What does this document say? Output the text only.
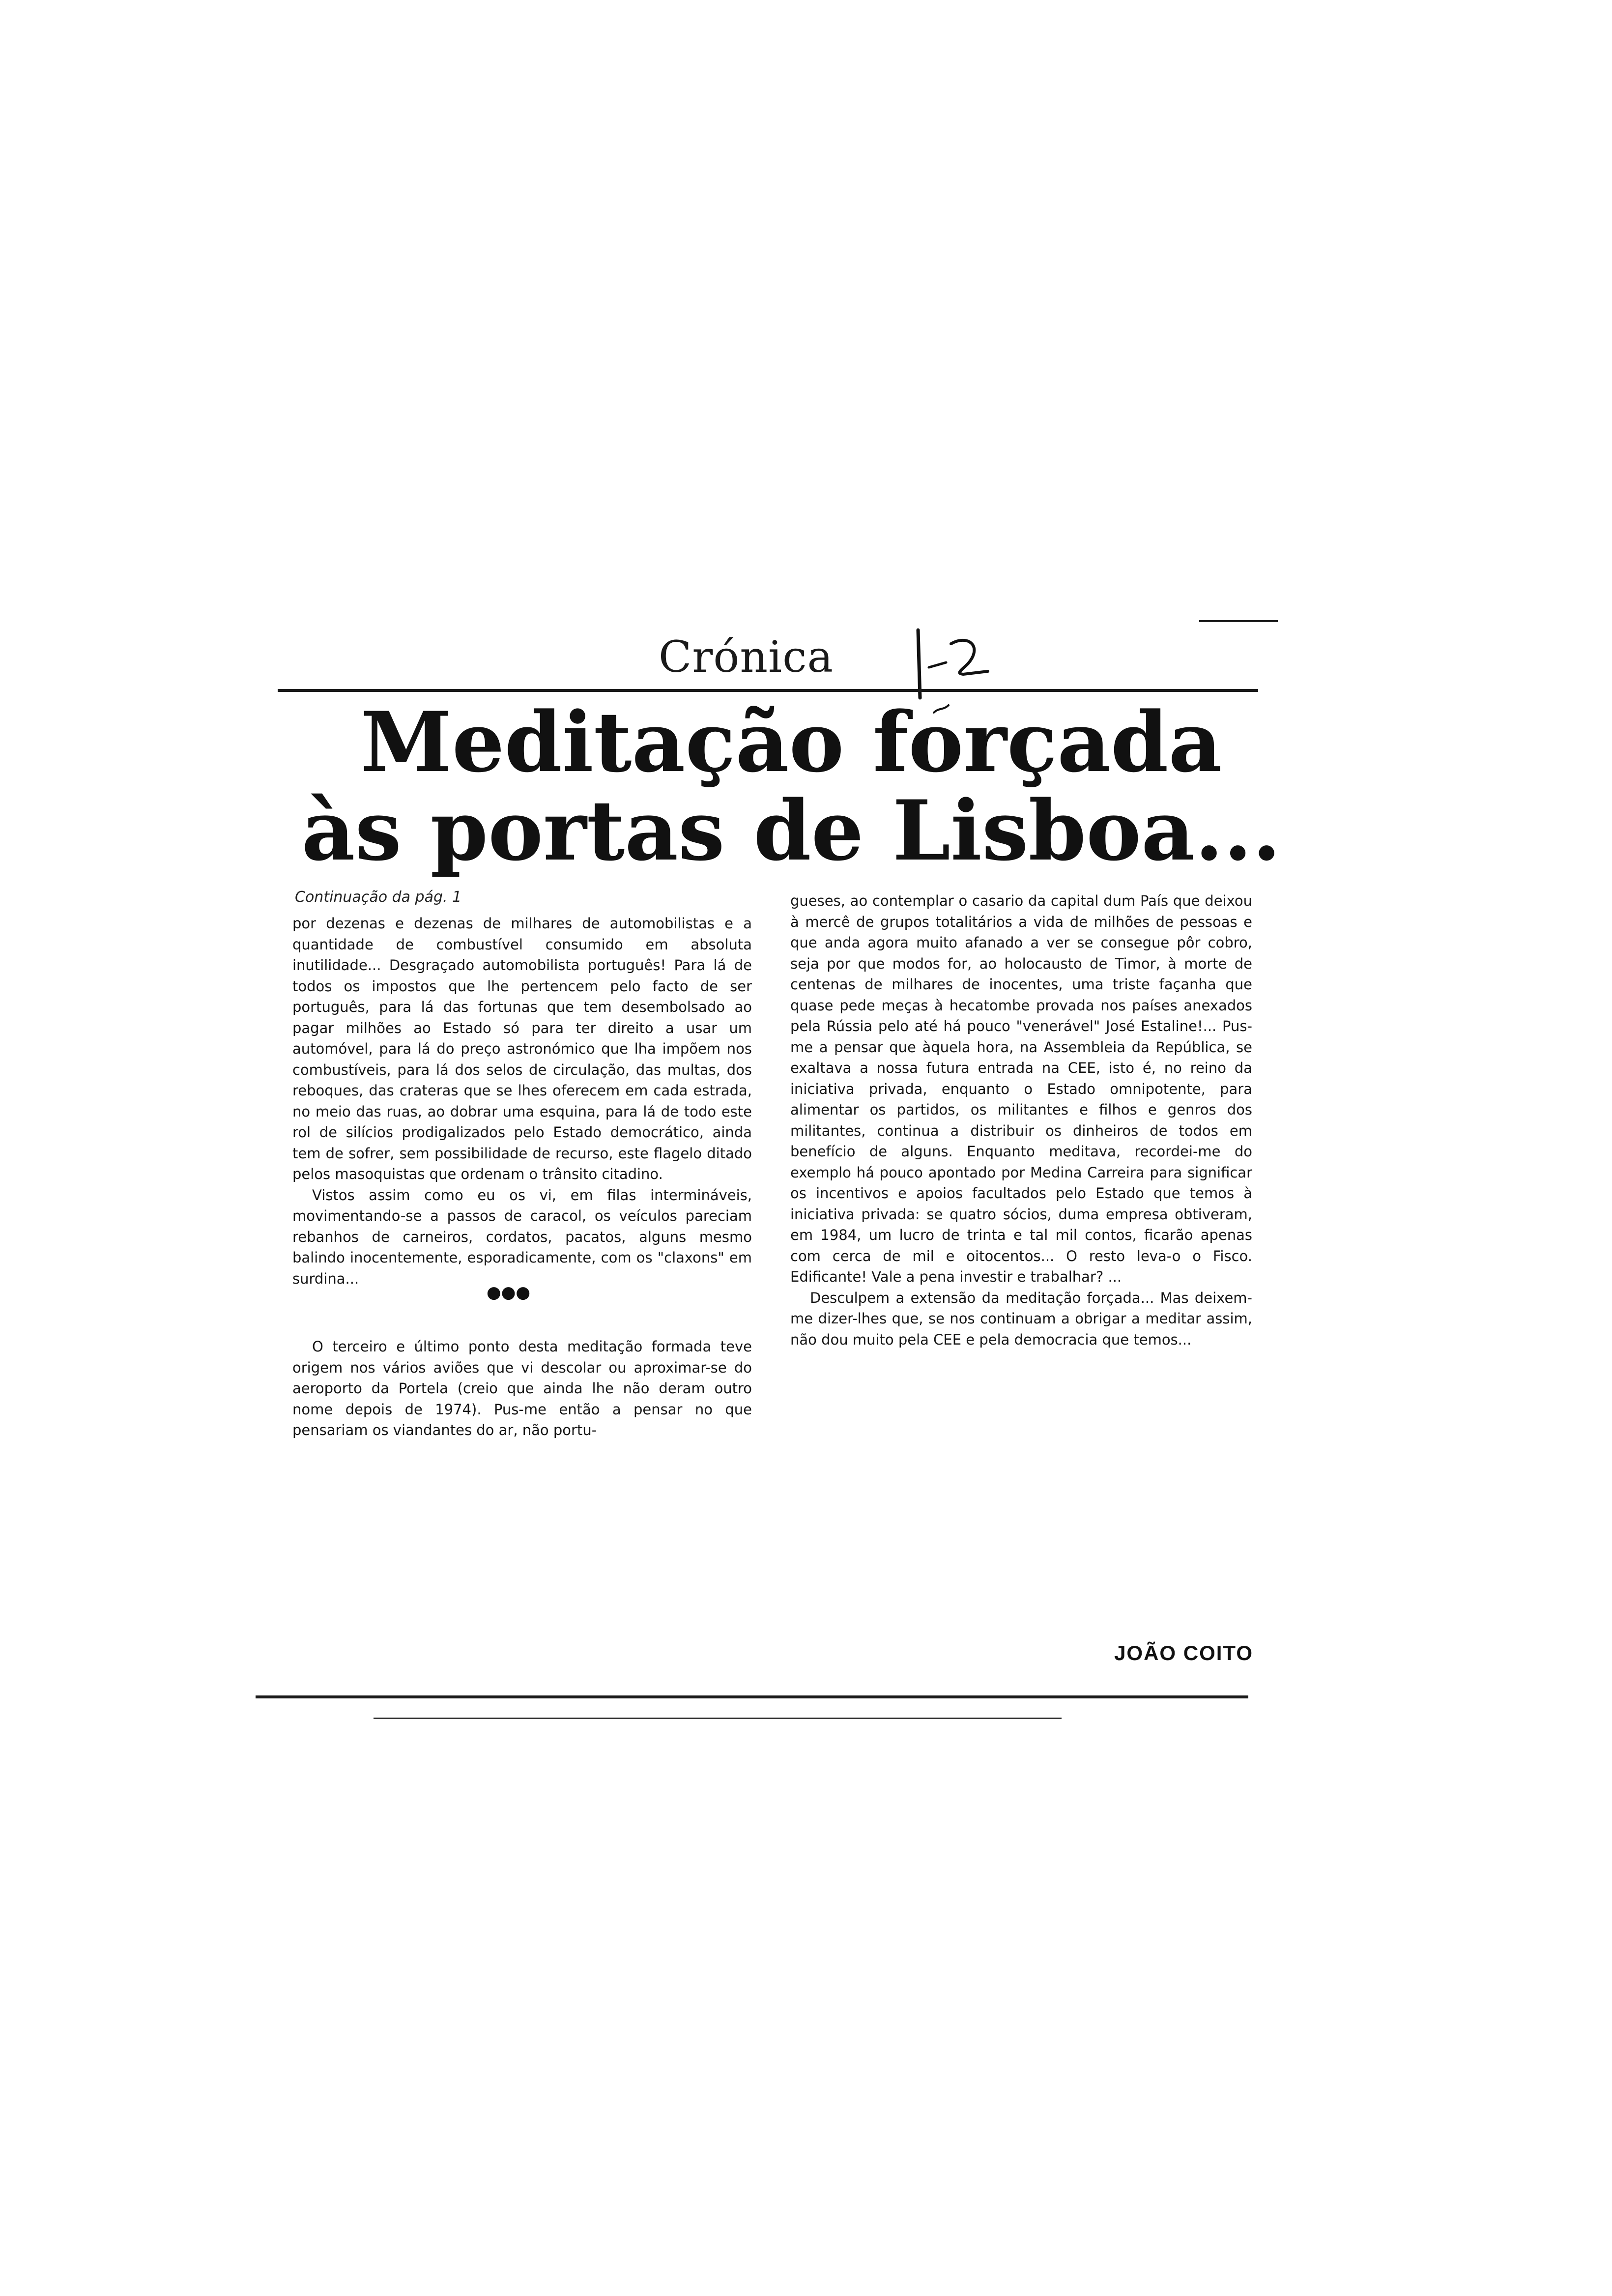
Crónica
Meditação forçada
às portas de Lisboa...
Continuação da pág. 1

por dezenas e dezenas de milhares de automobilistas e a quantidade de combustível consumido em absoluta inutilidade... Desgraçado automobilista português! Para lá de todos os impostos que lhe pertencem pelo facto de ser português, para lá das fortunas que tem desembolsado ao pagar milhões ao Estado só para ter direito a usar um automóvel, para lá do preço astronómico que lha impõem nos combustíveis, para lá dos selos de circulação, das multas, dos reboques, das crateras que se lhes oferecem em cada estrada, no meio das ruas, ao dobrar uma esquina, para lá de todo este rol de silícios prodigalizados pelo Estado democrático, ainda tem de sofrer, sem possibilidade de recurso, este flagelo ditado pelos masoquistas que ordenam o trânsito citadino.

Vistos assim como eu os vi, em filas intermináveis, movimentando-se a passos de caracol, os veículos pareciam rebanhos de carneiros, cordatos, pacatos, alguns mesmo balindo inocentemente, esporadicamente, com os "claxons" em surdina...

O terceiro e último ponto desta meditação formada teve origem nos vários aviões que vi descolar ou aproximar-se do aeroporto da Portela (creio que ainda lhe não deram outro nome depois de 1974). Pus-me então a pensar no que pensariam os viandantes do ar, não portu-

●●●

gueses, ao contemplar o casario da capital dum País que deixou à mercê de grupos totalitários a vida de milhões de pessoas e que anda agora muito afanado a ver se consegue pôr cobro, seja por que modos for, ao holocausto de Timor, à morte de centenas de milhares de inocentes, uma triste façanha que quase pede meças à hecatombe provada nos países anexados pela Rússia pelo até há pouco "venerável" José Estaline!... Pus-me a pensar que àquela hora, na Assembleia da República, se exaltava a nossa futura entrada na CEE, isto é, no reino da iniciativa privada, enquanto o Estado omnipotente, para alimentar os partidos, os militantes e filhos e genros dos militantes, continua a distribuir os dinheiros de todos em benefício de alguns. Enquanto meditava, recordei-me do exemplo há pouco apontado por Medina Carreira para significar os incentivos e apoios facultados pelo Estado que temos à iniciativa privada: se quatro sócios, duma empresa obtiveram, em 1984, um lucro de trinta e tal mil contos, ficarão apenas com cerca de mil e oitocentos... O resto leva-o o Fisco. Edificante! Vale a pena investir e trabalhar? ...

Desculpem a extensão da meditação forçada... Mas deixem-me dizer-lhes que, se nos continuam a obrigar a meditar assim, não dou muito pela CEE e pela democracia que temos...

JOÃO COITO
